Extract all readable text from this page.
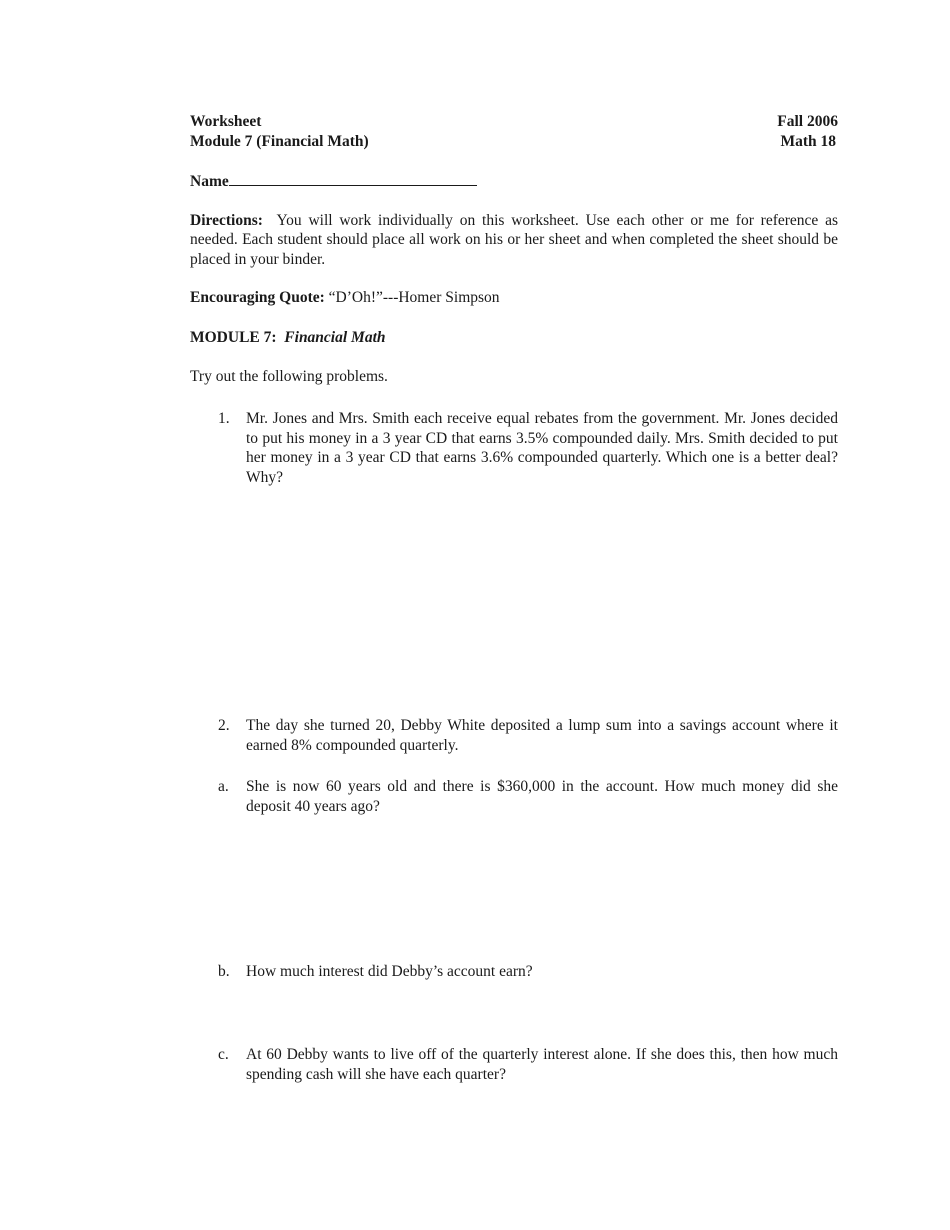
Worksheet	Fall 2006
Module 7 (Financial Math)	Math 18
Name
Directions: You will work individually on this worksheet. Use each other or me for reference as needed. Each student should place all work on his or her sheet and when completed the sheet should be placed in your binder.
Encouraging Quote: “D’Oh!”---Homer Simpson
MODULE 7: Financial Math
Try out the following problems.
1.	Mr. Jones and Mrs. Smith each receive equal rebates from the government. Mr. Jones decided to put his money in a 3 year CD that earns 3.5% compounded daily. Mrs. Smith decided to put her money in a 3 year CD that earns 3.6% compounded quarterly. Which one is a better deal? Why?
2.	The day she turned 20, Debby White deposited a lump sum into a savings account where it earned 8% compounded quarterly.
a.	She is now 60 years old and there is $360,000 in the account. How much money did she deposit 40 years ago?
b.	How much interest did Debby’s account earn?
c.	At 60 Debby wants to live off of the quarterly interest alone. If she does this, then how much spending cash will she have each quarter?
